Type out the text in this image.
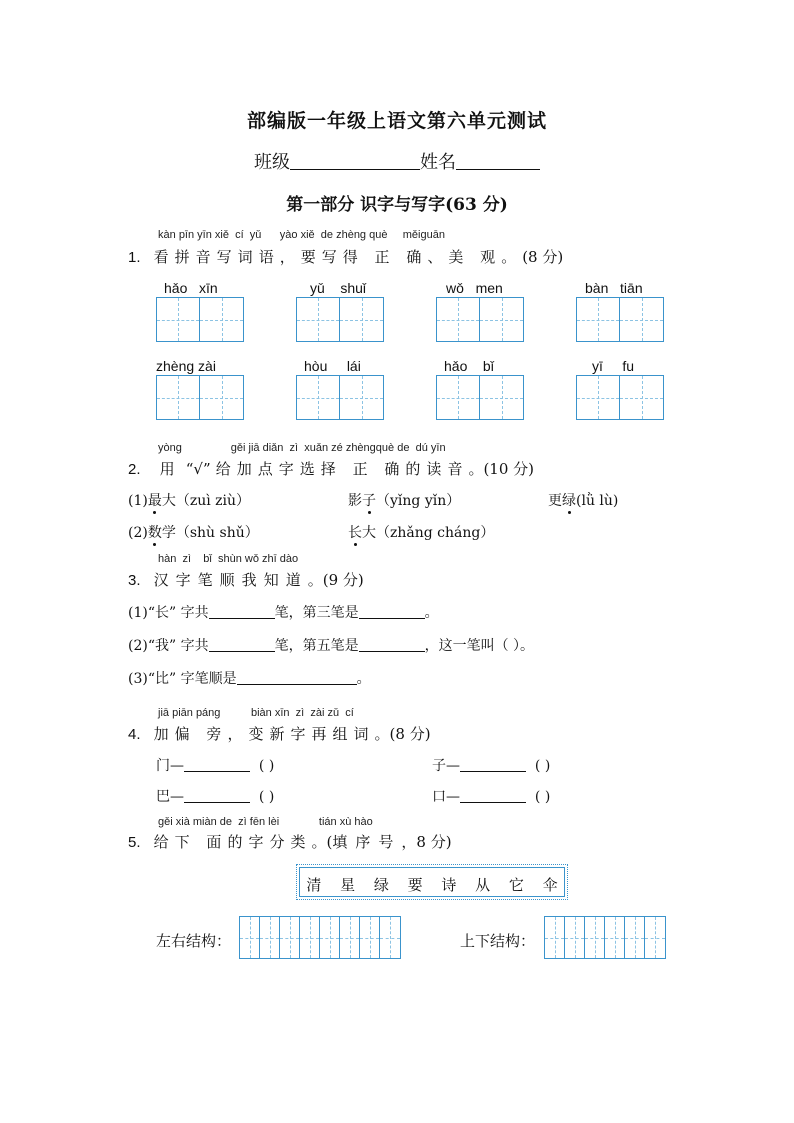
部编版一年级上语文第六单元测试
班级	姓名
第一部分 识字与写字(63 分)
kàn pīn yīn xiě cí yǔ yào xiě de zhèng què měiguān
1. 看拼音写词语，要写得 正 确、美 观。(8 分)
hǎo xīn	yǔ shuǐ	wǒ men	bàn tiān
zhèng zài	hòu lái	hǎo bǐ	yī fu
yòng	gěi jiā diǎn zì xuǎn zé zhèngquè de dú yīn
2. 用 “√” 给加点字选择 正 确的读音。(10 分)
(1)最大（zuì ziù）	影子（yǐng yǐn）	更绿(lǜ lù)
(2)数学（shù shǔ）	长大（zhǎng cháng）
hàn zì bǐ shùn wǒ zhī dào
3. 汉字笔顺我知道。(9 分)
(1)“长” 字共	笔，第三笔是	。
(2)“我” 字共	笔，第五笔是	，这一笔叫（ ）。
(3)“比” 字笔顺是	。
jiā piān páng	biàn xīn zì zài zǔ cí
4. 加偏 旁，变新字再组词。(8 分)
门—	( )	子—	( )
巴—	( )	口—	( )
gěi xià miàn de zì fēn lèi	tián xù hào
5. 给下 面的字分类。(填序号，8 分)
清 星 绿 要 诗 从 它 伞
左右结构：	上下结构：
